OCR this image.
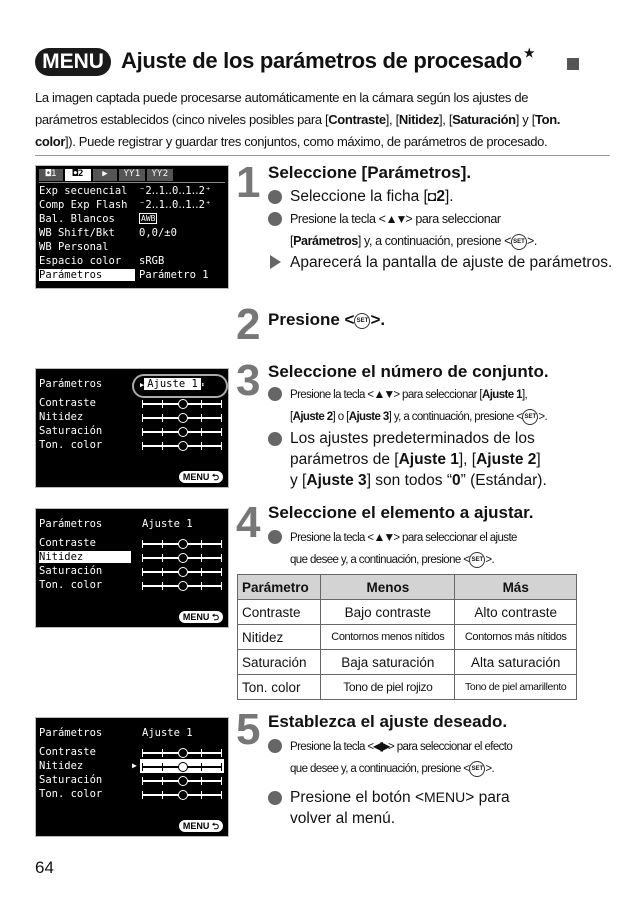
MENU Ajuste de los parámetros de procesado ★
La imagen captada puede procesarse automáticamente en la cámara según los ajustes de
parámetros establecidos (cinco niveles posibles para [Contraste], [Nitidez], [Saturación] y [Ton.
color]). Puede registrar y guardar tres conjuntos, como máximo, de parámetros de procesado.
◘1	◘2	▶	ƳƳ1	ƳƳ2
Exp secuencial ⁻2‥1‥0‥1‥2⁺
Comp Exp Flash ⁻2‥1‥0‥1‥2⁺
Bal. Blancos	AWB
WB Shift/Bkt 0,0/±0
WB Personal
Espacio color sRGB
Parámetros	Parámetro 1
1 Seleccione [Parámetros].
Seleccione la ficha [◘2].
Presione la tecla <▲▼> para seleccionar
[Parámetros] y, a continuación, presione < SET >.
Aparecerá la pantalla de ajuste de parámetros.
2 Presione < SET >.
Parámetros	▶ Ajuste 1 ⬍
Contraste
Nitidez
Saturación
Ton. color
MENU ⮌
3 Seleccione el número de conjunto.
Presione la tecla <▲▼> para seleccionar [Ajuste 1],
[Ajuste 2] o [Ajuste 3] y, a continuación, presione < SET >.
Los ajustes predeterminados de los parámetros de [Ajuste 1], [Ajuste 2]
y [Ajuste 3] son todos “0” (Estándar).
Parámetros	Ajuste 1
Contraste
Nitidez
Saturación
Ton. color
MENU ⮌
4 Seleccione el elemento a ajustar.
Presione la tecla <▲▼> para seleccionar el ajuste
que desee y, a continuación, presione < SET >.
Parámetro	Menos	Más
Contraste	Bajo contraste	Alto contraste
Nitidez	Contornos menos nítidos	Contornos más nítidos
Saturación	Baja saturación	Alta saturación
Ton. color	Tono de piel rojizo	Tono de piel amarillento
Parámetros	Ajuste 1
Contraste
Nitidez
Saturación
Ton. color
▶
MENU ⮌
5 Establezca el ajuste deseado.
Presione la tecla <◀▶> para seleccionar el efecto
que desee y, a continuación, presione < SET >.
Presione el botón <MENU> para
volver al menú.
64
